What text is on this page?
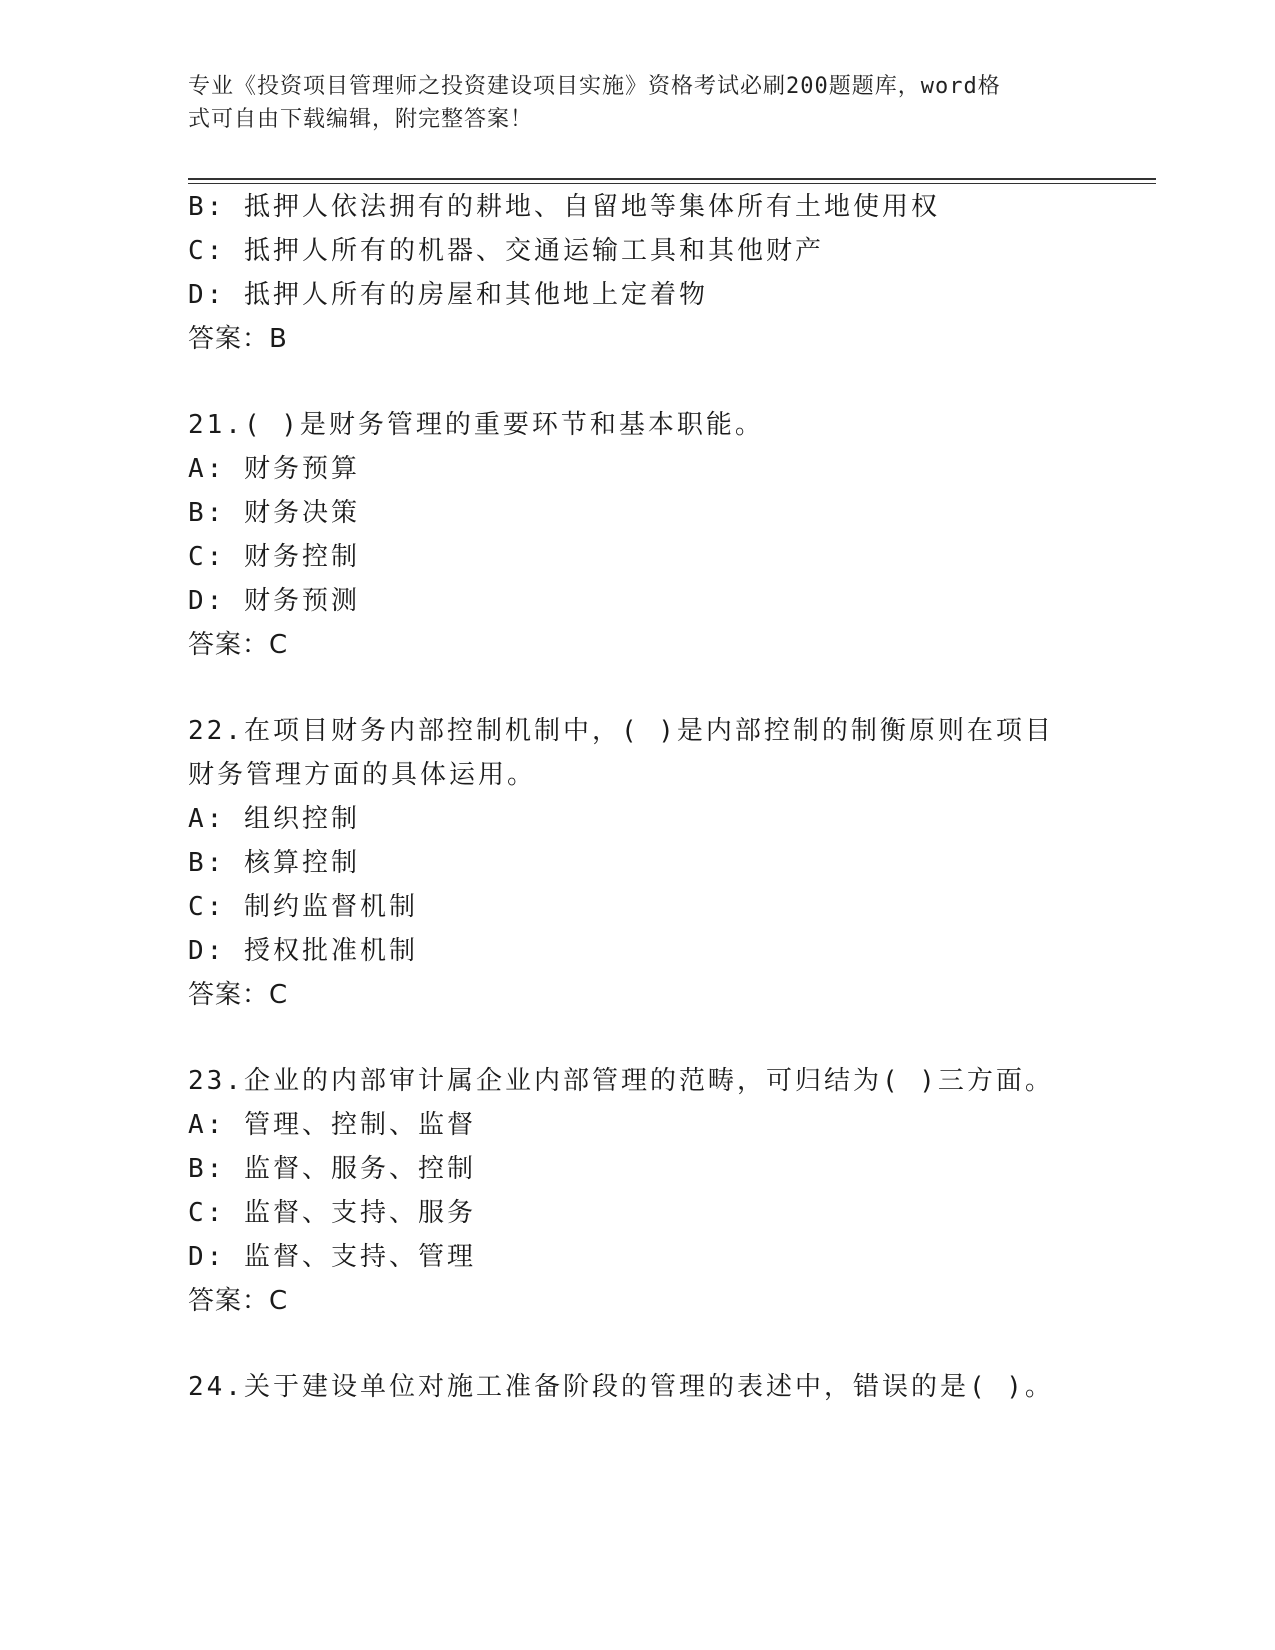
专业《投资项目管理师之投资建设项目实施》资格考试必刷200题题库，word格
式可自由下载编辑，附完整答案！
B: 抵押人依法拥有的耕地、自留地等集体所有土地使用权
C: 抵押人所有的机器、交通运输工具和其他财产
D: 抵押人所有的房屋和其他地上定着物
答案：B
21.( )是财务管理的重要环节和基本职能。
A: 财务预算
B: 财务决策
C: 财务控制
D: 财务预测
答案：C
22.在项目财务内部控制机制中，( )是内部控制的制衡原则在项目
财务管理方面的具体运用。
A: 组织控制
B: 核算控制
C: 制约监督机制
D: 授权批准机制
答案：C
23.企业的内部审计属企业内部管理的范畴，可归结为( )三方面。
A: 管理、控制、监督
B: 监督、服务、控制
C: 监督、支持、服务
D: 监督、支持、管理
答案：C
24.关于建设单位对施工准备阶段的管理的表述中，错误的是( )。
